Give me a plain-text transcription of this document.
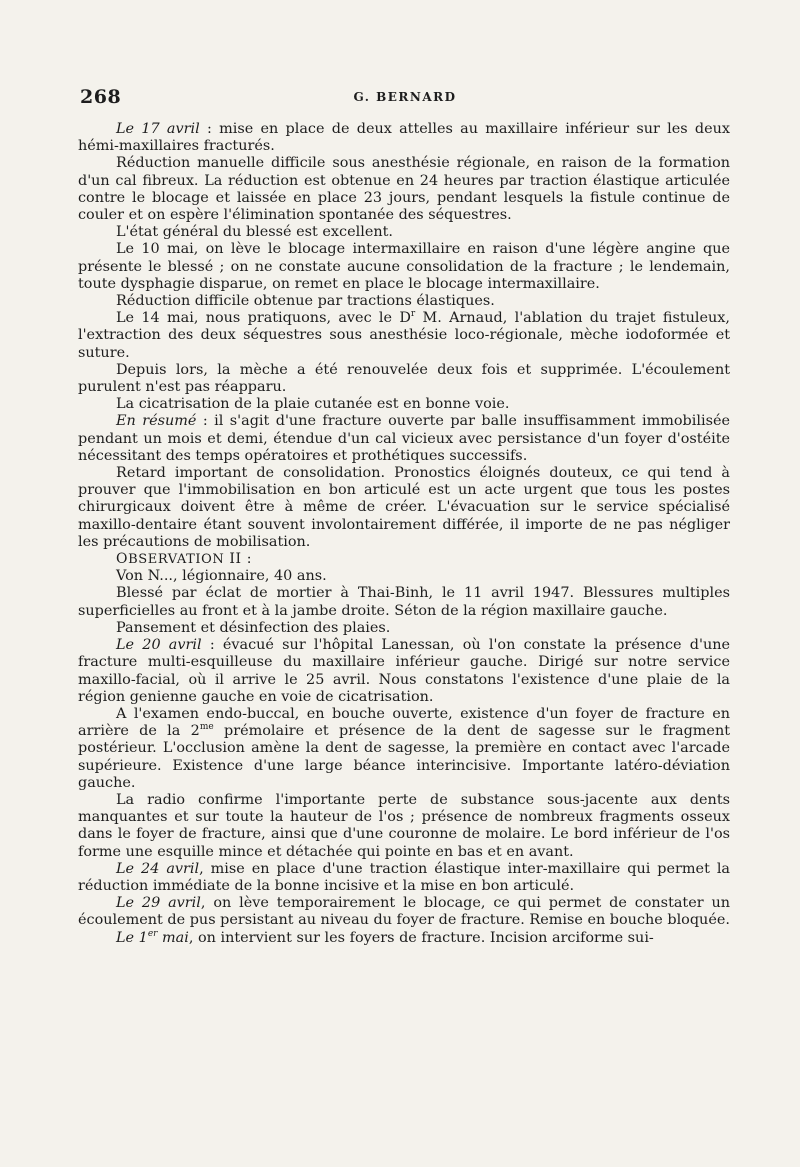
268	G. BERNARD

Le 17 avril : mise en place de deux attelles au maxillaire inférieur sur les deux hémi-maxillaires fracturés.

Réduction manuelle difficile sous anesthésie régionale, en raison de la formation d'un cal fibreux. La réduction est obtenue en 24 heures par traction élastique articulée contre le blocage et laissée en place 23 jours, pendant lesquels la fistule continue de couler et on espère l'élimination spontanée des séquestres.

L'état général du blessé est excellent.

Le 10 mai, on lève le blocage intermaxillaire en raison d'une légère angine que présente le blessé ; on ne constate aucune consolidation de la fracture ; le lendemain, toute dysphagie disparue, on remet en place le blocage intermaxillaire.

Réduction difficile obtenue par tractions élastiques.

Le 14 mai, nous pratiquons, avec le $D^r$ M. Arnaud, l'ablation du trajet fistuleux, l'extraction des deux séquestres sous anesthésie loco-régionale, mèche iodoformée et suture.

Depuis lors, la mèche a été renouvelée deux fois et supprimée. L'écoulement purulent n'est pas réapparu.

La cicatrisation de la plaie cutanée est en bonne voie.

En résumé : il s'agit d'une fracture ouverte par balle insuffisamment immobilisée pendant un mois et demi, étendue d'un cal vicieux avec persistance d'un foyer d'ostéite nécessitant des temps opératoires et prothétiques successifs.

Retard important de consolidation. Pronostics éloignés douteux, ce qui tend à prouver que l'immobilisation en bon articulé est un acte urgent que tous les postes chirurgicaux doivent être à même de créer. L'évacuation sur le service spécialisé maxillo-dentaire étant souvent involontairement différée, il importe de ne pas négliger les précautions de mobilisation.

OBSERVATION II :

Von N..., légionnaire, 40 ans.

Blessé par éclat de mortier à Thai-Binh, le 11 avril 1947. Blessures multiples superficielles au front et à la jambe droite. Séton de la région maxillaire gauche.

Pansement et désinfection des plaies.

Le 20 avril : évacué sur l'hôpital Lanessan, où l'on constate la présence d'une fracture multi-esquilleuse du maxillaire inférieur gauche. Dirigé sur notre service maxillo-facial, où il arrive le 25 avril. Nous constatons l'existence d'une plaie de la région genienne gauche en voie de cicatrisation.

A l'examen endo-buccal, en bouche ouverte, existence d'un foyer de fracture en arrière de la $2^{me}$ prémolaire et présence de la dent de sagesse sur le fragment postérieur. L'occlusion amène la dent de sagesse, la première en contact avec l'arcade supérieure. Existence d'une large béance interincisive. Importante latéro-déviation gauche.

La radio confirme l'importante perte de substance sous-jacente aux dents manquantes et sur toute la hauteur de l'os ; présence de nombreux fragments osseux dans le foyer de fracture, ainsi que d'une couronne de molaire. Le bord inférieur de l'os forme une esquille mince et détachée qui pointe en bas et en avant.

Le 24 avril, mise en place d'une traction élastique inter-maxillaire qui permet la réduction immédiate de la bonne incisive et la mise en bon articulé.

Le 29 avril, on lève temporairement le blocage, ce qui permet de constater un écoulement de pus persistant au niveau du foyer de fracture. Remise en bouche bloquée.

Le 1er mai, on intervient sur les foyers de fracture. Incision arciforme sui-
